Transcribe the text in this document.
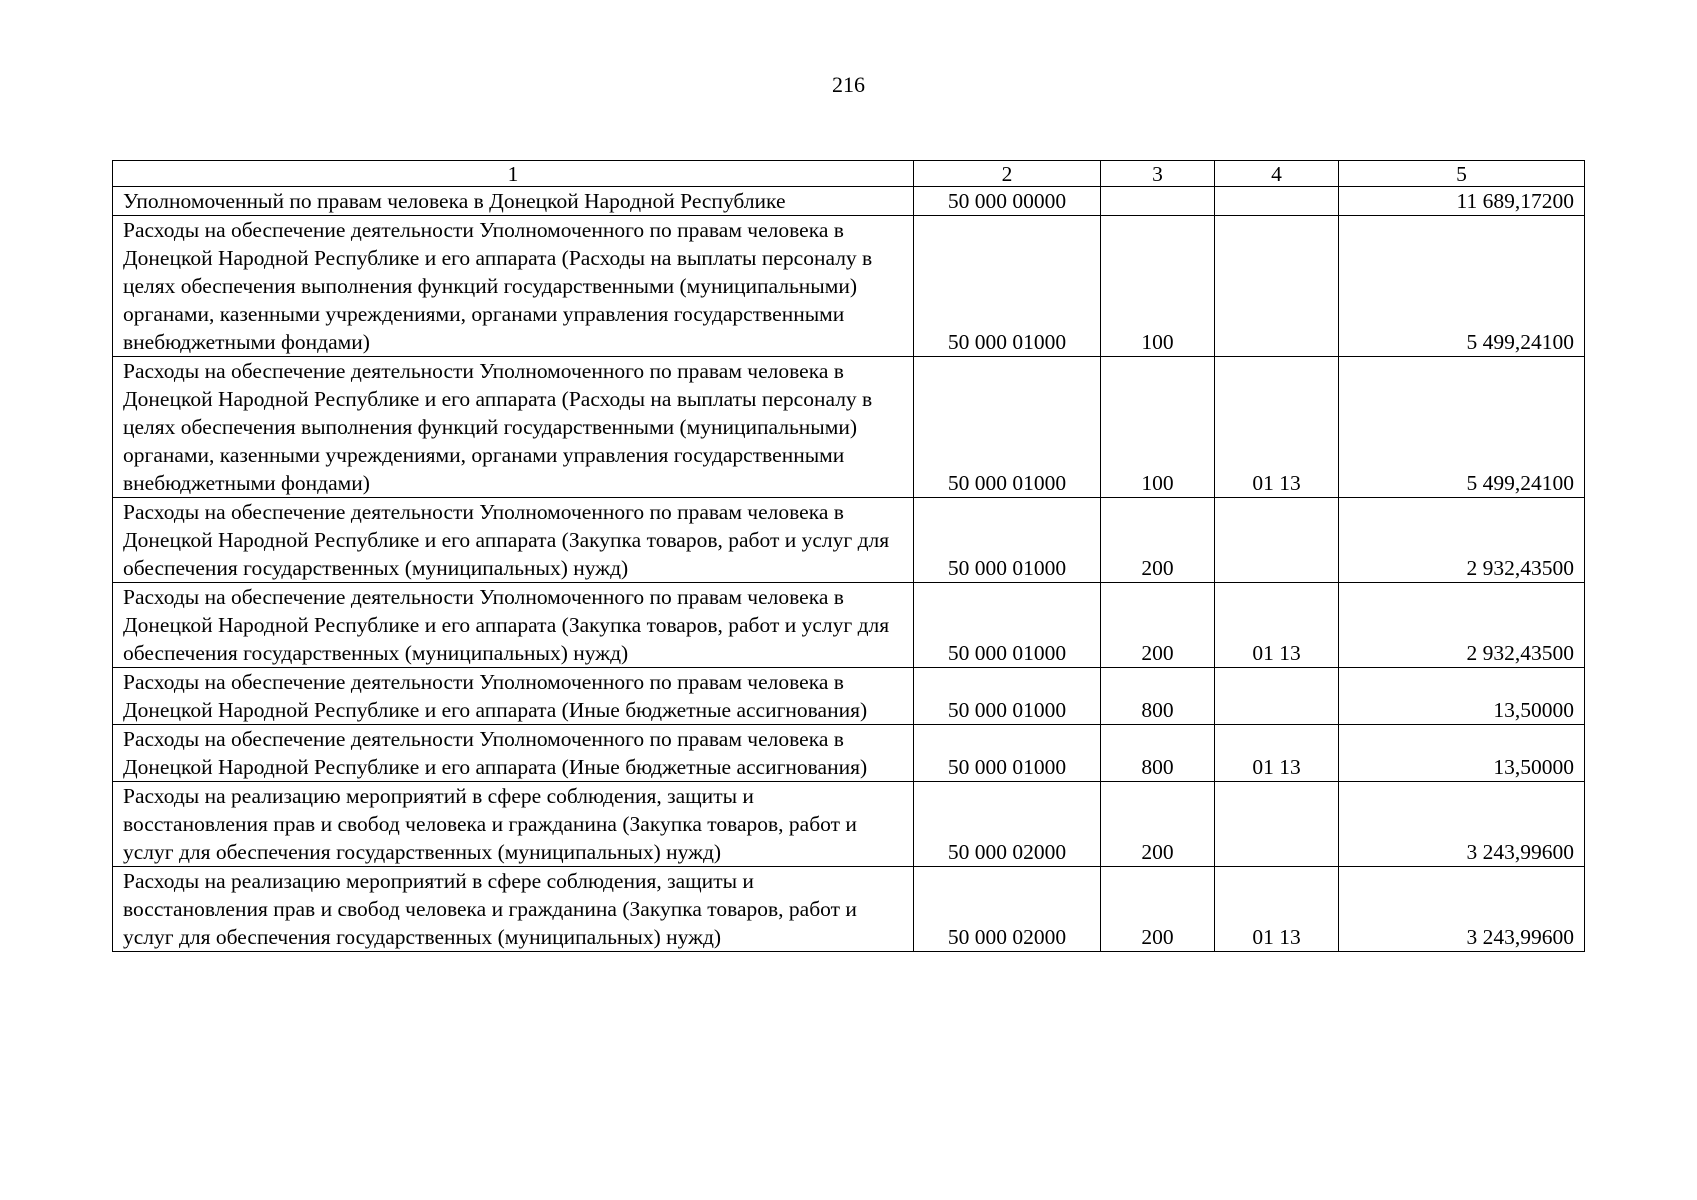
216
1	2	3	4	5
Уполномоченный по правам человека в Донецкой Народной Республике	50 000 00000			11 689,17200
Расходы на обеспечение деятельности Уполномоченного по правам человека в Донецкой Народной Республике и его аппарата (Расходы на выплаты персоналу в целях обеспечения выполнения функций государственными (муниципальными) органами, казенными учреждениями, органами управления государственными внебюджетными фондами)	50 000 01000	100		5 499,24100
Расходы на обеспечение деятельности Уполномоченного по правам человека в Донецкой Народной Республике и его аппарата (Расходы на выплаты персоналу в целях обеспечения выполнения функций государственными (муниципальными) органами, казенными учреждениями, органами управления государственными внебюджетными фондами)	50 000 01000	100	01 13	5 499,24100
Расходы на обеспечение деятельности Уполномоченного по правам человека в Донецкой Народной Республике и его аппарата (Закупка товаров, работ и услуг для обеспечения государственных (муниципальных) нужд)	50 000 01000	200		2 932,43500
Расходы на обеспечение деятельности Уполномоченного по правам человека в Донецкой Народной Республике и его аппарата (Закупка товаров, работ и услуг для обеспечения государственных (муниципальных) нужд)	50 000 01000	200	01 13	2 932,43500
Расходы на обеспечение деятельности Уполномоченного по правам человека в Донецкой Народной Республике и его аппарата (Иные бюджетные ассигнования)	50 000 01000	800		13,50000
Расходы на обеспечение деятельности Уполномоченного по правам человека в Донецкой Народной Республике и его аппарата (Иные бюджетные ассигнования)	50 000 01000	800	01 13	13,50000
Расходы на реализацию мероприятий в сфере соблюдения, защиты и восстановления прав и свобод человека и гражданина (Закупка товаров, работ и услуг для обеспечения государственных (муниципальных) нужд)	50 000 02000	200		3 243,99600
Расходы на реализацию мероприятий в сфере соблюдения, защиты и восстановления прав и свобод человека и гражданина (Закупка товаров, работ и услуг для обеспечения государственных (муниципальных) нужд)	50 000 02000	200	01 13	3 243,99600
